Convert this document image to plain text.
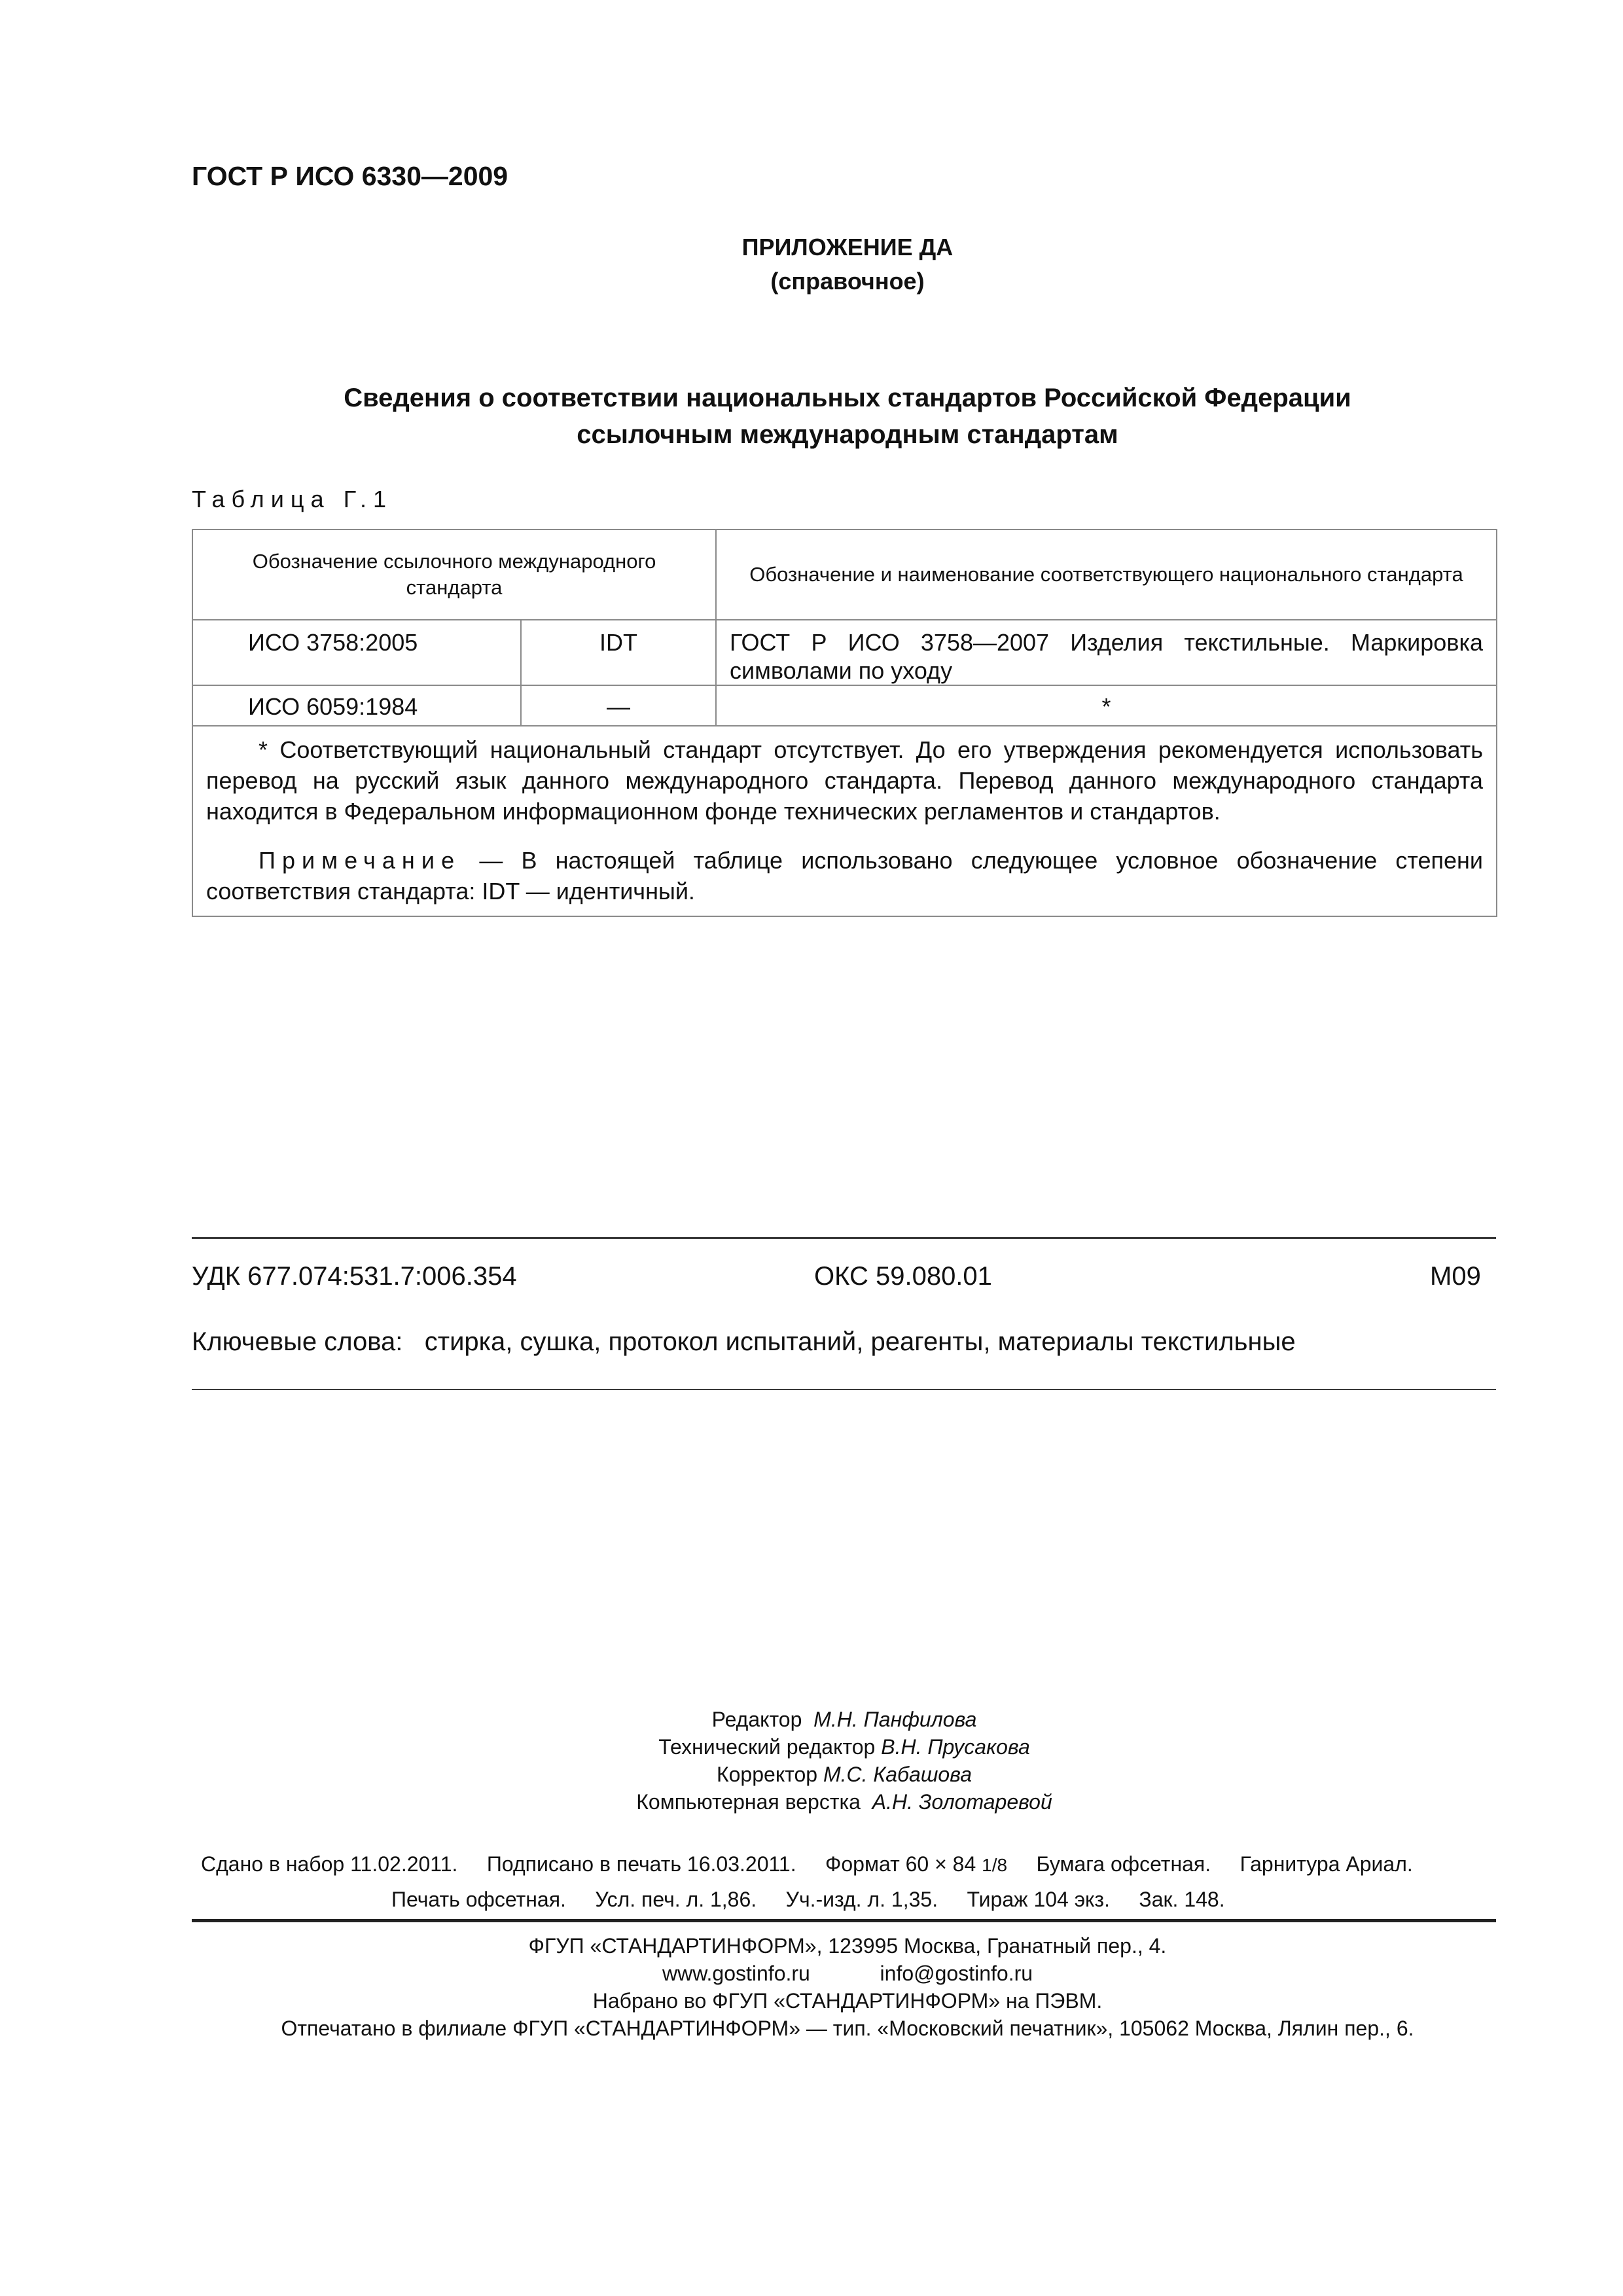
ГОСТ Р ИСО 6330—2009
ПРИЛОЖЕНИЕ ДА
(справочное)
Сведения о соответствии национальных стандартов Российской Федерации
ссылочным международным стандартам
Таблица Г.1
Обозначение ссылочного международного стандарта		Обозначение и наименование соответствующего национального стандарта
ИСО 3758:2005	IDT	ГОСТ Р ИСО 3758—2007 Изделия текстильные. Маркировка символами по уходу
ИСО 6059:1984	—	*

* Соответствующий национальный стандарт отсутствует. До его утверждения рекомендуется использовать перевод на русский язык данного международного стандарта. Перевод данного международного стандарта находится в Федеральном информационном фонде технических регламентов и стандартов.

Примечание — В настоящей таблице использовано следующее условное обозначение степени соответствия стандарта: IDT — идентичный.		

УДК 677.074:531.7:006.354	ОКС 59.080.01	М09
Ключевые слова: стирка, сушка, протокол испытаний, реагенты, материалы текстильные
Редактор М.Н. Панфилова
Технический редактор В.Н. Прусакова
Корректор М.С. Кабашова
Компьютерная верстка А.Н. Золотаревой
Сдано в набор 11.02.2011. Подписано в печать 16.03.2011. Формат 60 × 84 1/8 Бумага офсетная. Гарнитура Ариал.
Печать офсетная. Усл. печ. л. 1,86. Уч.-изд. л. 1,35. Тираж 104 экз. Зак. 148.
ФГУП «СТАНДАРТИНФОРМ», 123995 Москва, Гранатный пер., 4.
www.gostinfo.ru	info@gostinfo.ru
Набрано во ФГУП «СТАНДАРТИНФОРМ» на ПЭВМ.
Отпечатано в филиале ФГУП «СТАНДАРТИНФОРМ» — тип. «Московский печатник», 105062 Москва, Лялин пер., 6.
